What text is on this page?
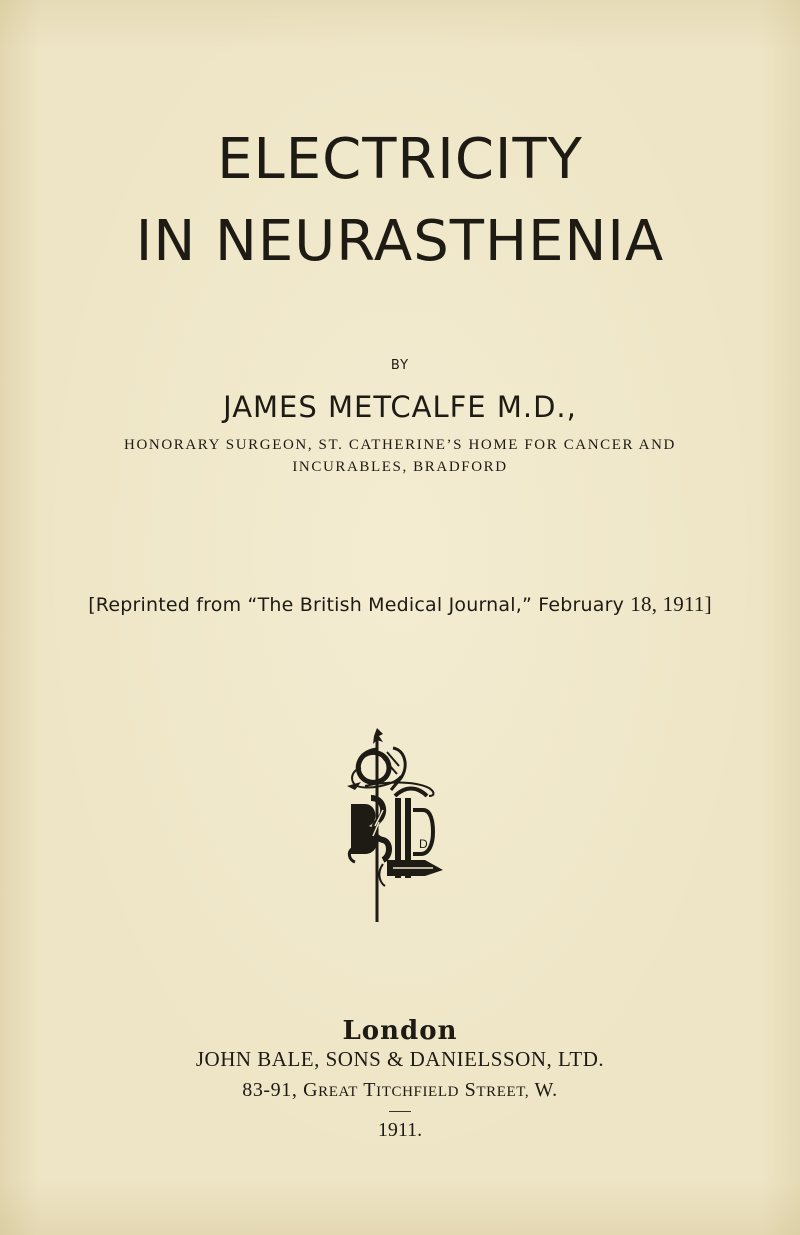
ELECTRICITY
IN NEURASTHENIA
BY
JAMES METCALFE M.D.,
HONORARY SURGEON, ST. CATHERINE’S HOME FOR CANCER AND
INCURABLES, BRADFORD
[Reprinted from “The British Medical Journal,” February 18, 1911]
D
London
JOHN BALE, SONS & DANIELSSON, LTD.
83-91, GREAT TITCHFIELD STREET, W.
1911.
